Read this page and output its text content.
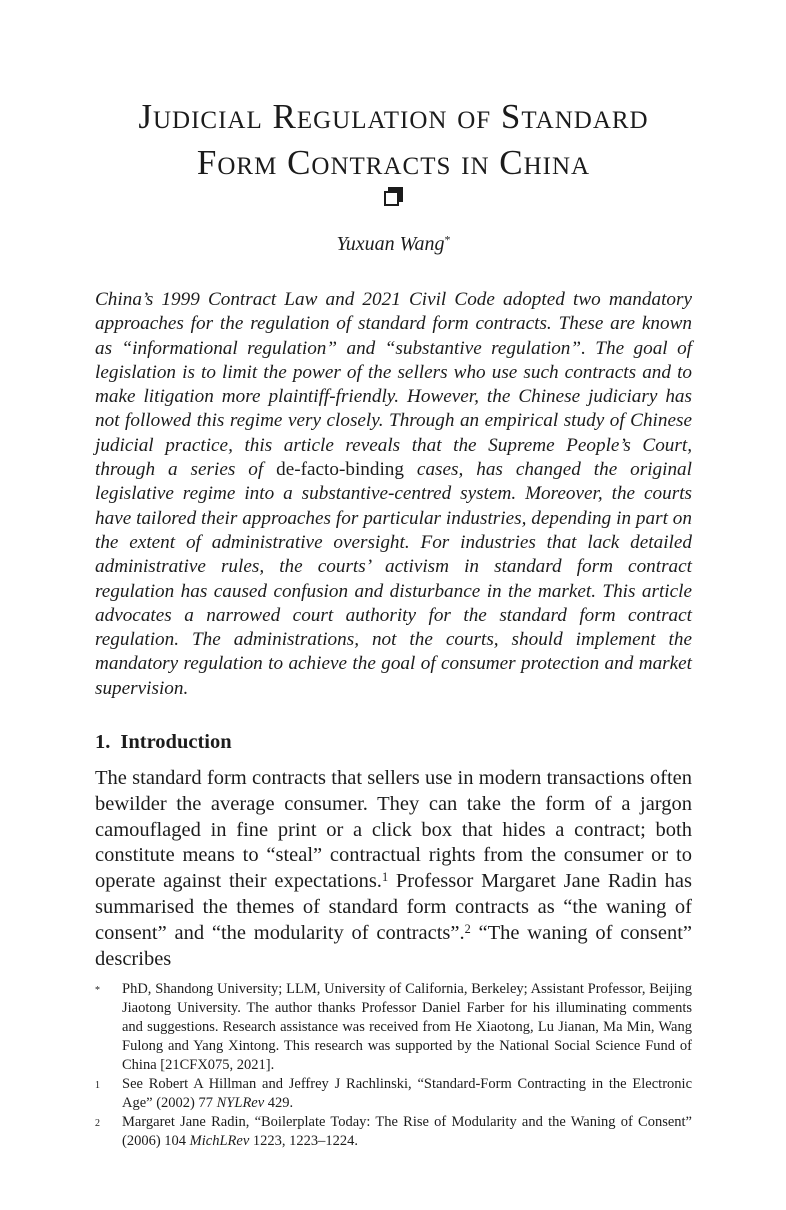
Judicial Regulation of Standard
Form Contracts in China
Yuxuan Wang*
China’s 1999 Contract Law and 2021 Civil Code adopted two mandatory approaches for the regulation of standard form contracts. These are known as “informational regulation” and “substantive regulation”. The goal of legislation is to limit the power of the sellers who use such contracts and to make litigation more plaintiff-friendly. However, the Chinese judiciary has not followed this regime very closely. Through an empirical study of Chinese judicial practice, this article reveals that the Supreme People’s Court, through a series of de-facto-binding cases, has changed the original legislative regime into a substantive-centred system. Moreover, the courts have tailored their approaches for particular industries, depending in part on the extent of administrative oversight. For industries that lack detailed administrative rules, the courts’ activism in standard form contract regulation has caused confusion and disturbance in the market. This article advocates a narrowed court authority for the standard form contract regulation. The administrations, not the courts, should implement the mandatory regulation to achieve the goal of consumer protection and market supervision.
1. Introduction
The standard form contracts that sellers use in modern transactions often bewilder the average consumer. They can take the form of a jargon camouflaged in fine print or a click box that hides a contract; both constitute means to “steal” contractual rights from the consumer or to operate against their expectations.$^1$ Professor Margaret Jane Radin has summarised the themes of standard form contracts as “the waning of consent” and “the modularity of contracts”.$^2$ “The waning of consent” describes
*	PhD, Shandong University; LLM, University of California, Berkeley; Assistant Professor, Beijing Jiaotong University. The author thanks Professor Daniel Farber for his illuminating comments and suggestions. Research assistance was received from He Xiaotong, Lu Jianan, Ma Min, Wang Fulong and Yang Xintong. This research was supported by the National Social Science Fund of China [21CFX075, 2021].
1	See Robert A Hillman and Jeffrey J Rachlinski, “Standard-Form Contracting in the Electronic Age” (2002) 77 NYLRev 429.
2	Margaret Jane Radin, “Boilerplate Today: The Rise of Modularity and the Waning of Consent” (2006) 104 MichLRev 1223, 1223–1224.
